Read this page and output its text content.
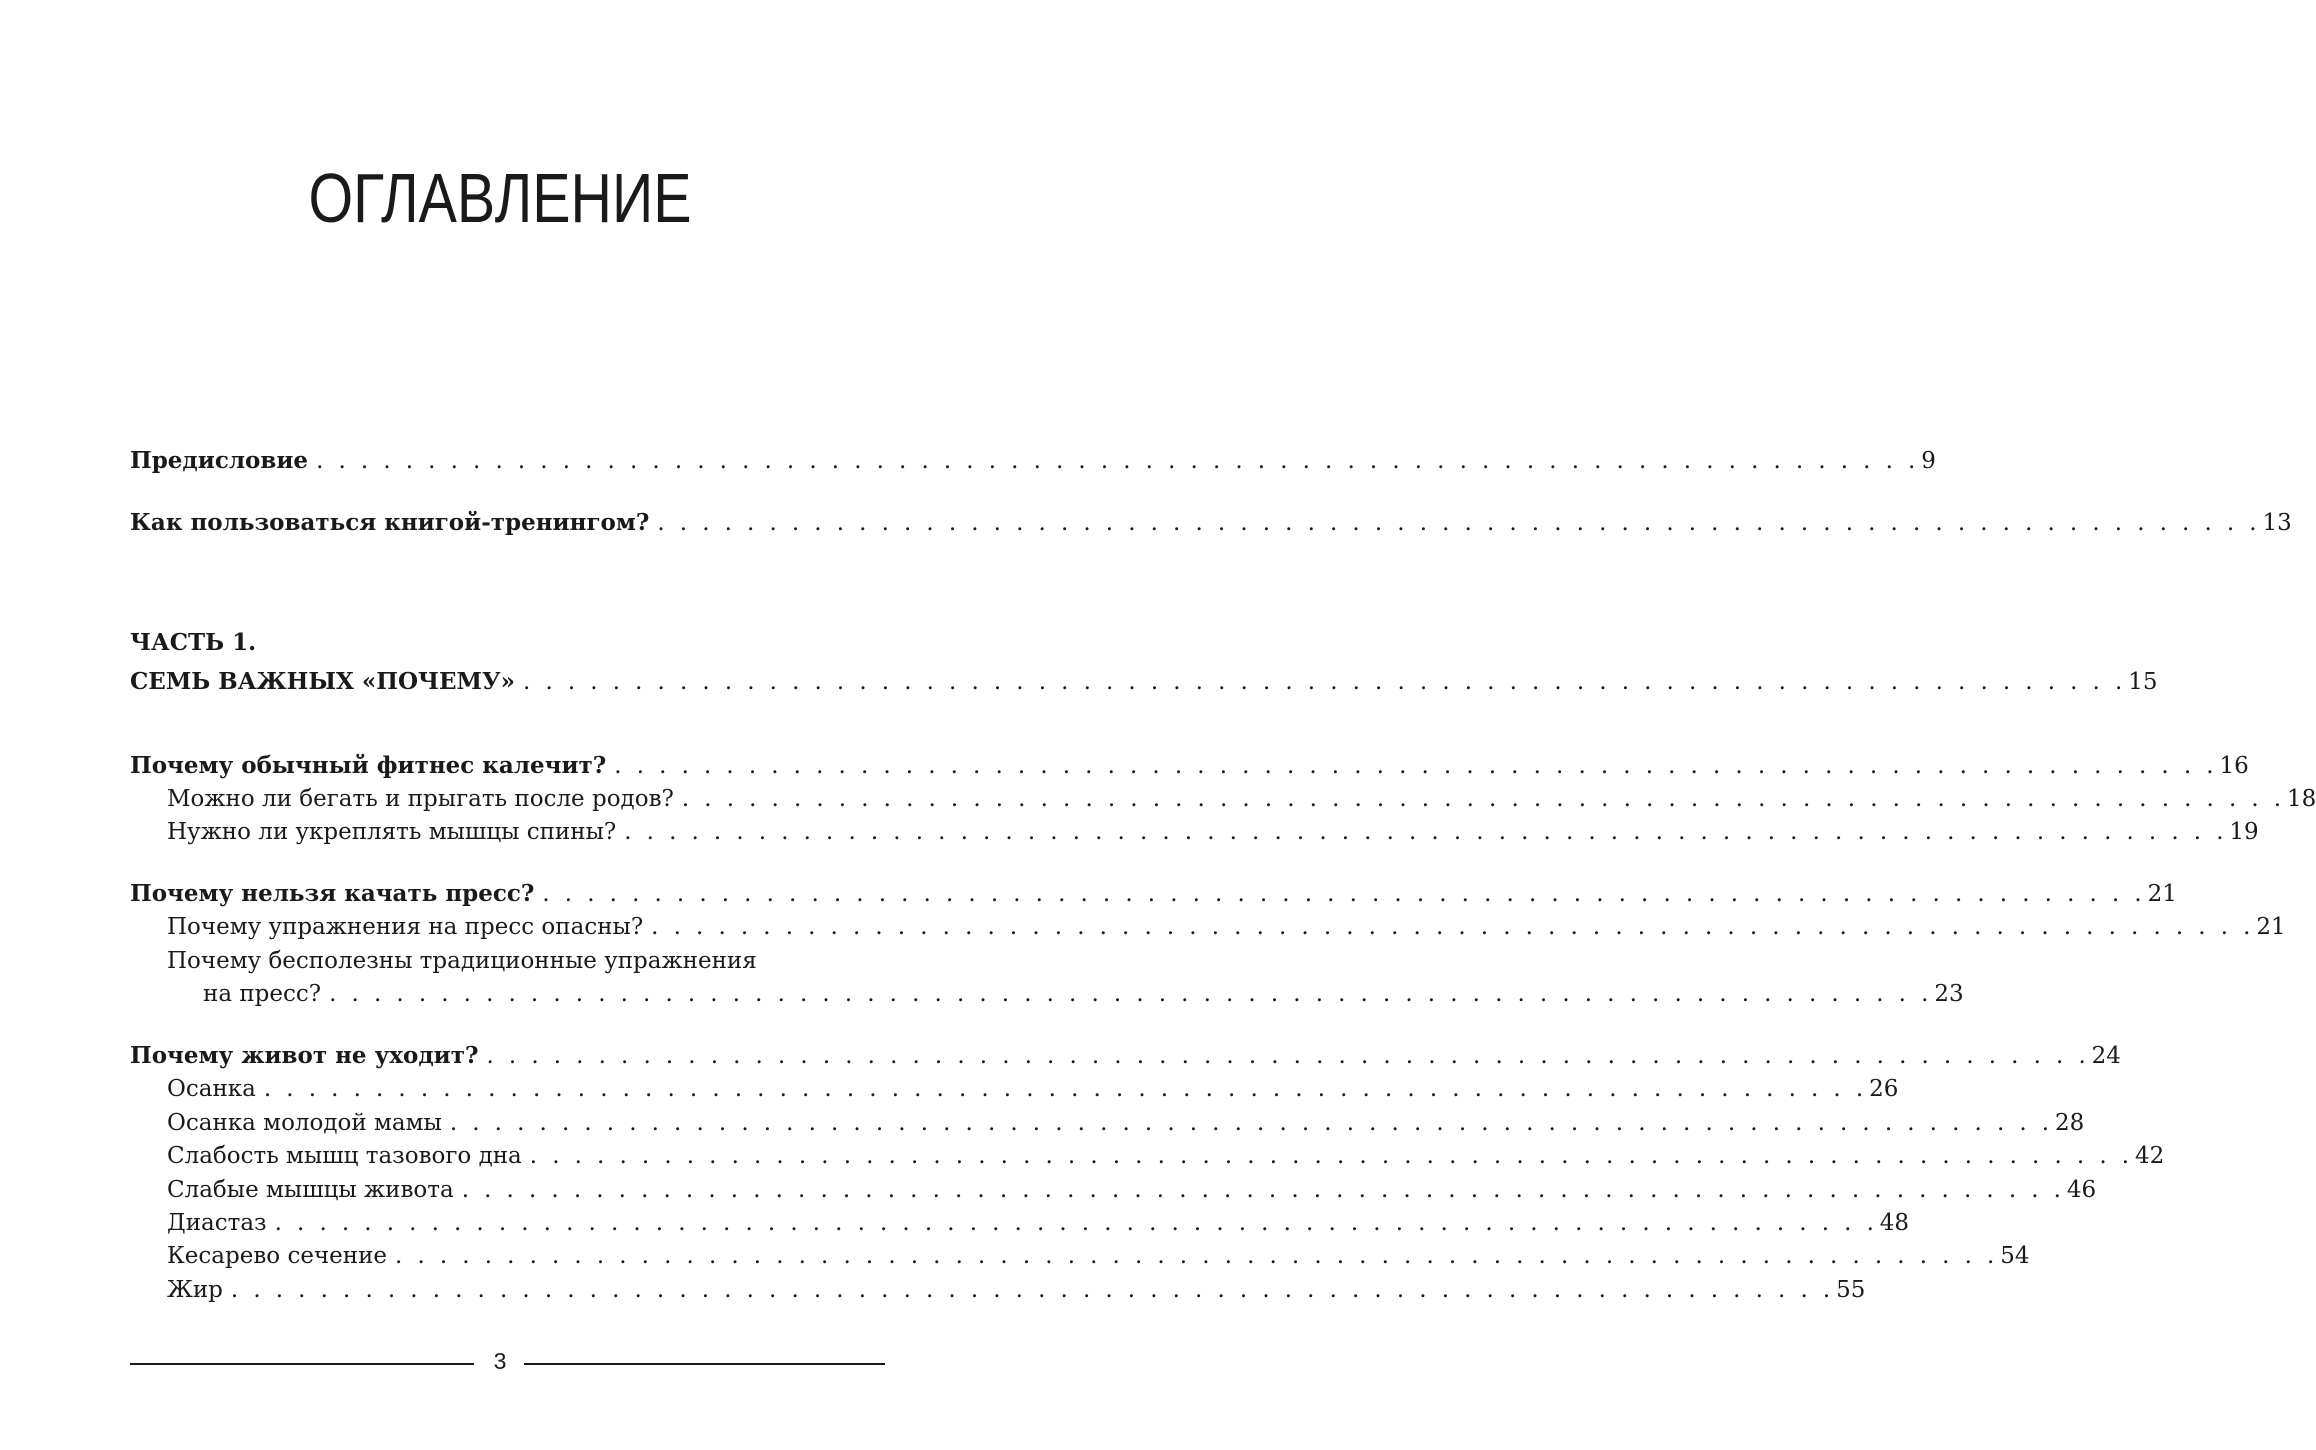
ОГЛАВЛЕНИЕ
Предисловие . . . . . . . . . . . . . . . . . . . . . . . . . . . . . . . . . . . . . . . . . . . . . . . . . . . . . . . . . . . . . . . . . . . . . . . . 9
Как пользоваться книгой-тренингом? . . . . . . . . . . . . . . . . . . . . . . . . . . . . . . . . . . . . . . . . . . . . . . . . . . . . . . . . . . . . . . . . . . . . . . . . 13
ЧАСТЬ 1.
СЕМЬ ВАЖНЫХ «ПОЧЕМУ» . . . . . . . . . . . . . . . . . . . . . . . . . . . . . . . . . . . . . . . . . . . . . . . . . . . . . . . . . . . . . . . . . . . . . . . . 15
Почему обычный фитнес калечит? . . . . . . . . . . . . . . . . . . . . . . . . . . . . . . . . . . . . . . . . . . . . . . . . . . . . . . . . . . . . . . . . . . . . . . . . 16
Можно ли бегать и прыгать после родов? . . . . . . . . . . . . . . . . . . . . . . . . . . . . . . . . . . . . . . . . . . . . . . . . . . . . . . . . . . . . . . . . . . . . . . . . 18
Нужно ли укреплять мышцы спины? . . . . . . . . . . . . . . . . . . . . . . . . . . . . . . . . . . . . . . . . . . . . . . . . . . . . . . . . . . . . . . . . . . . . . . . . 19
Почему нельзя качать пресс? . . . . . . . . . . . . . . . . . . . . . . . . . . . . . . . . . . . . . . . . . . . . . . . . . . . . . . . . . . . . . . . . . . . . . . . . 21
Почему упражнения на пресс опасны? . . . . . . . . . . . . . . . . . . . . . . . . . . . . . . . . . . . . . . . . . . . . . . . . . . . . . . . . . . . . . . . . . . . . . . . . 21
Почему бесполезны традиционные упражнения
на пресс? . . . . . . . . . . . . . . . . . . . . . . . . . . . . . . . . . . . . . . . . . . . . . . . . . . . . . . . . . . . . . . . . . . . . . . . . 23
Почему живот не уходит? . . . . . . . . . . . . . . . . . . . . . . . . . . . . . . . . . . . . . . . . . . . . . . . . . . . . . . . . . . . . . . . . . . . . . . . . 24
Осанка . . . . . . . . . . . . . . . . . . . . . . . . . . . . . . . . . . . . . . . . . . . . . . . . . . . . . . . . . . . . . . . . . . . . . . . . 26
Осанка молодой мамы . . . . . . . . . . . . . . . . . . . . . . . . . . . . . . . . . . . . . . . . . . . . . . . . . . . . . . . . . . . . . . . . . . . . . . . . 28
Слабость мышц тазового дна . . . . . . . . . . . . . . . . . . . . . . . . . . . . . . . . . . . . . . . . . . . . . . . . . . . . . . . . . . . . . . . . . . . . . . . . 42
Слабые мышцы живота . . . . . . . . . . . . . . . . . . . . . . . . . . . . . . . . . . . . . . . . . . . . . . . . . . . . . . . . . . . . . . . . . . . . . . . . 46
Диастаз . . . . . . . . . . . . . . . . . . . . . . . . . . . . . . . . . . . . . . . . . . . . . . . . . . . . . . . . . . . . . . . . . . . . . . . . 48
Кесарево сечение . . . . . . . . . . . . . . . . . . . . . . . . . . . . . . . . . . . . . . . . . . . . . . . . . . . . . . . . . . . . . . . . . . . . . . . . 54
Жир . . . . . . . . . . . . . . . . . . . . . . . . . . . . . . . . . . . . . . . . . . . . . . . . . . . . . . . . . . . . . . . . . . . . . . . . 55
3
